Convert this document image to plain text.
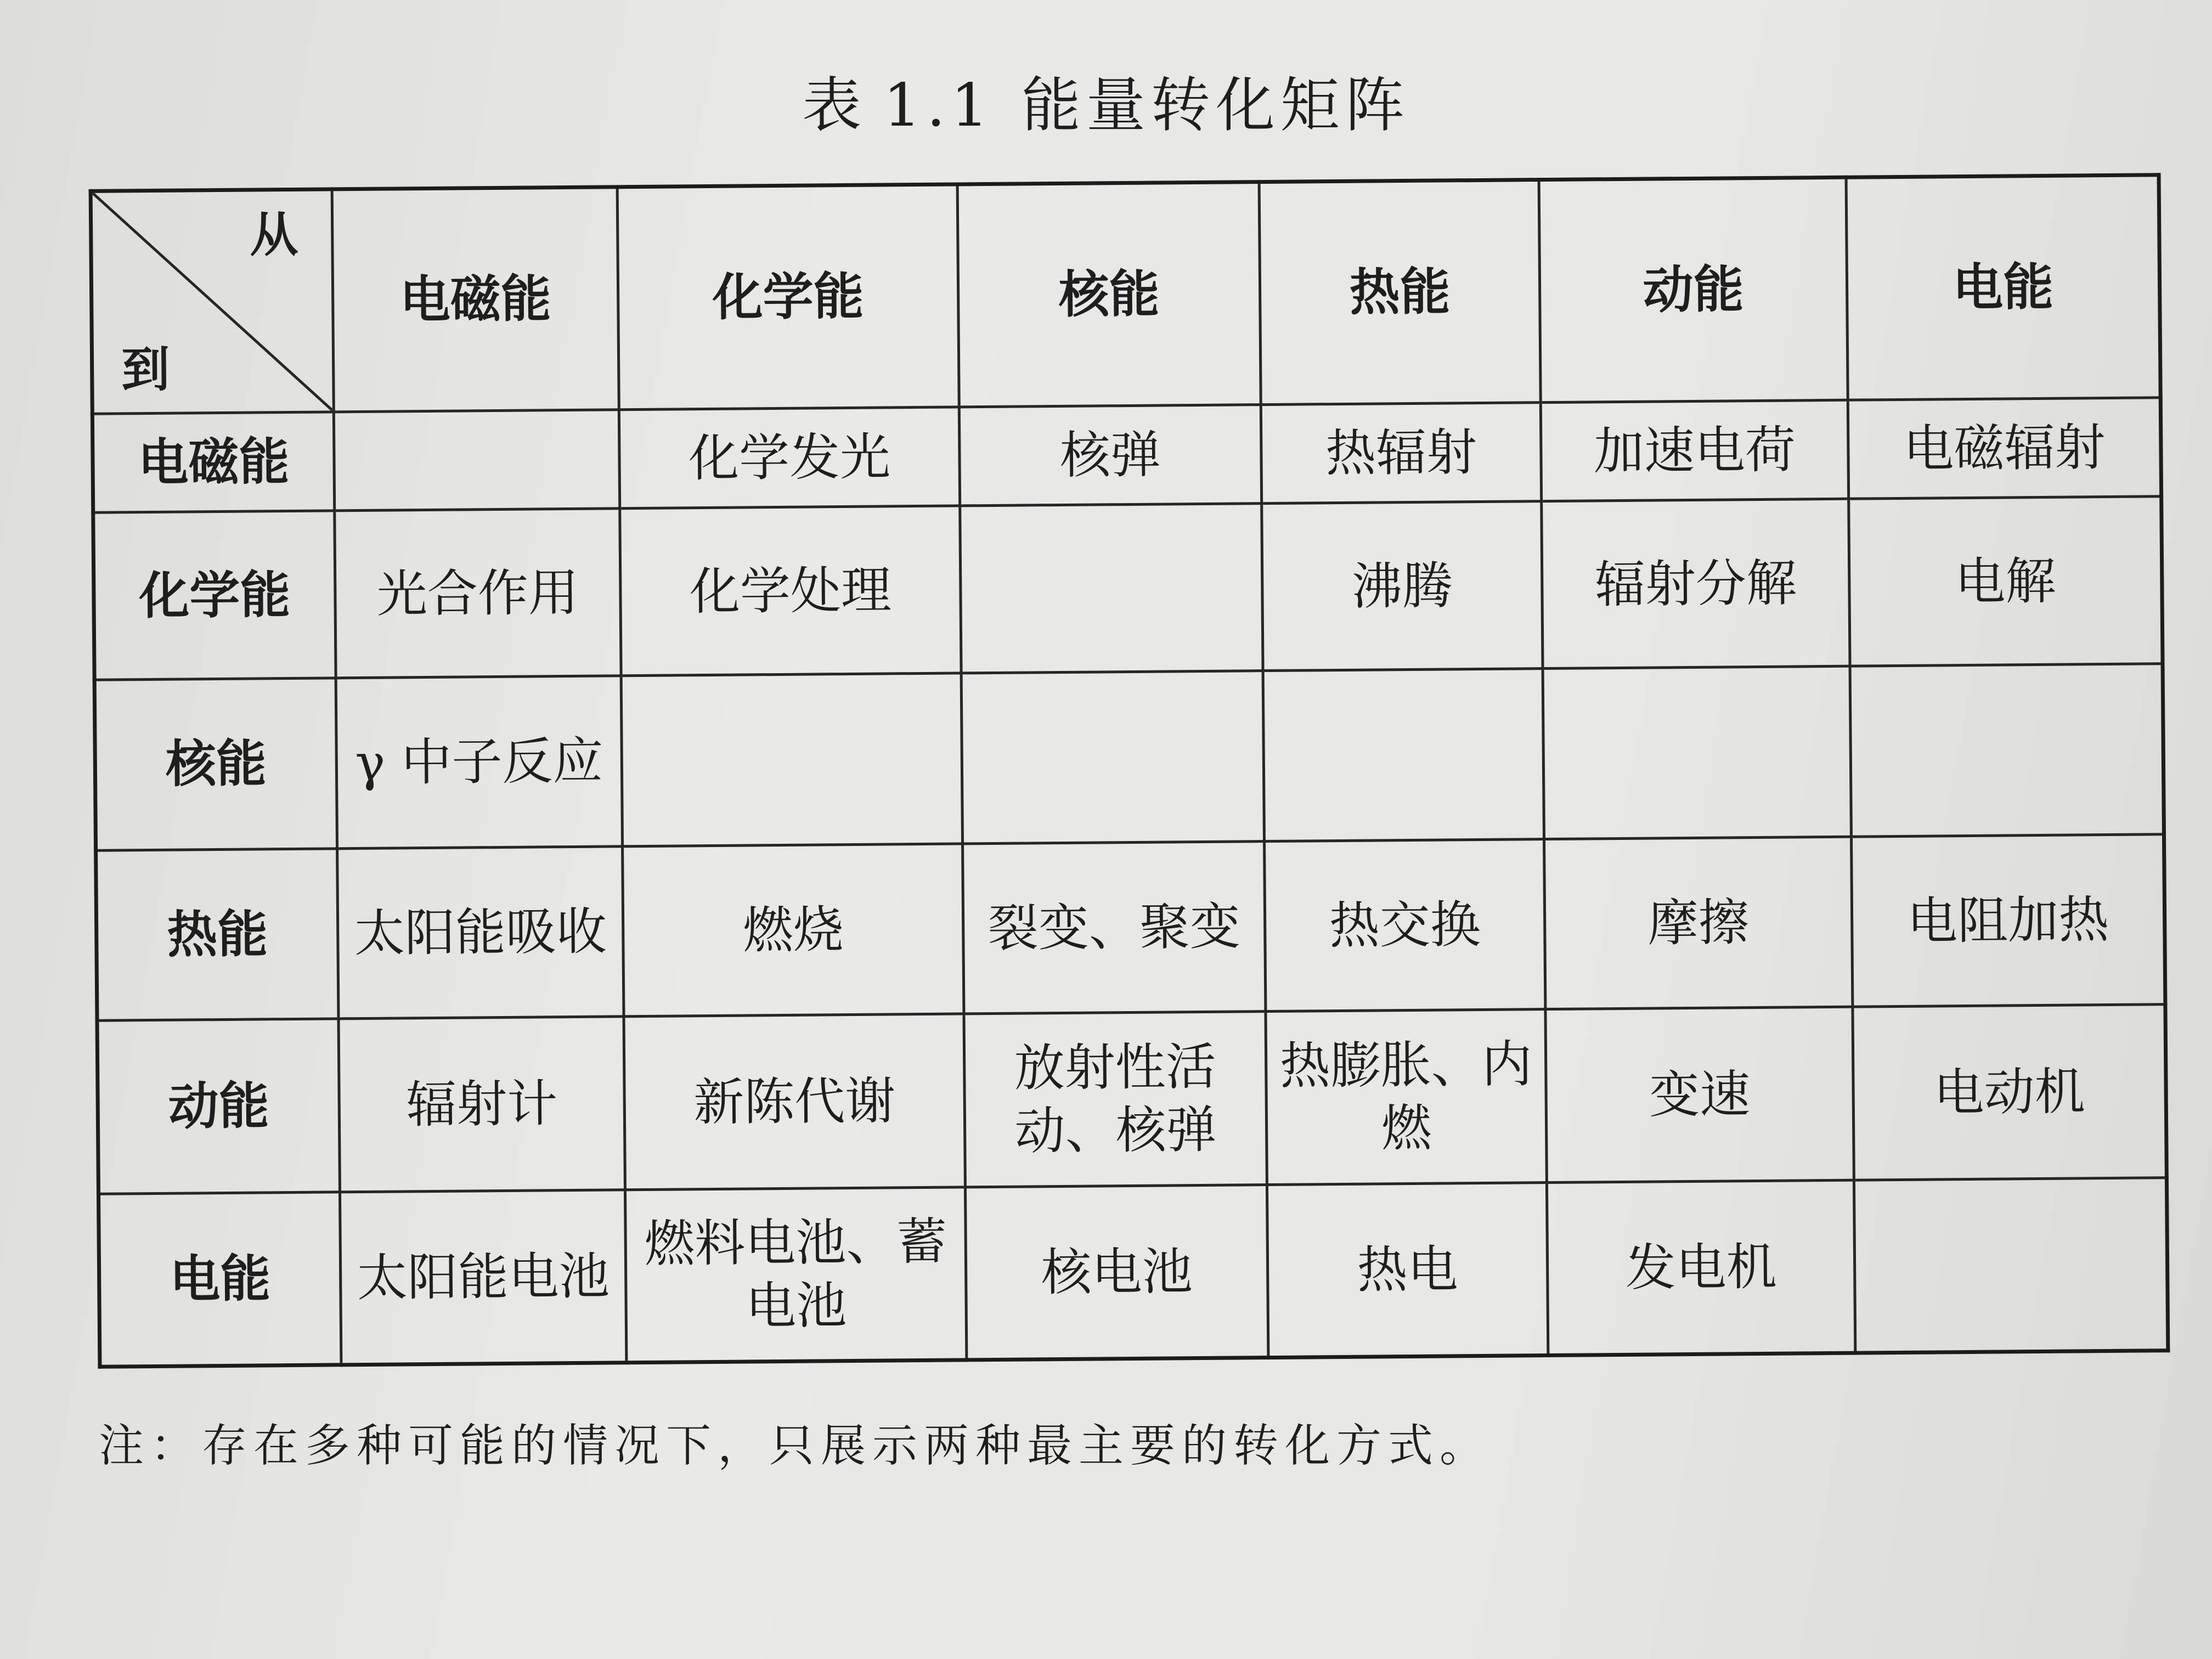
表 1.1 能量转化矩阵
从
到	电磁能	化学能	核能	热能	动能	电能
电磁能		化学发光	核弹	热辐射	加速电荷	电磁辐射
化学能	光合作用	化学处理		沸腾	辐射分解	电解
核能	γ 中子反应					
热能	太阳能吸收	燃烧	裂变、聚变	热交换	摩擦	电阻加热
动能	辐射计	新陈代谢	放射性活动、核弹	热膨胀、内燃	变速	电动机
电能	太阳能电池	燃料电池、蓄电池	核电池	热电	发电机	
注：存在多种可能的情况下，只展示两种最主要的转化方式。
